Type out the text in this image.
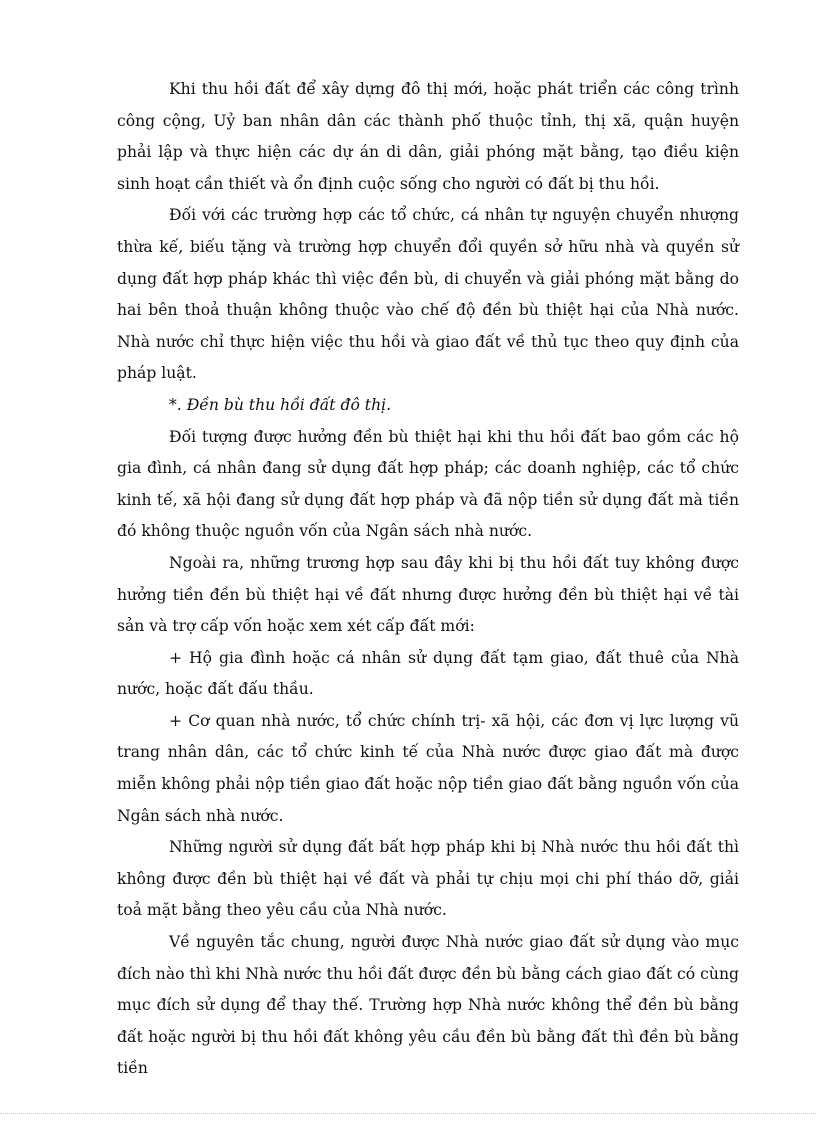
Khi thu hồi đất để xây dựng đô thị mới, hoặc phát triển các công trình công cộng, Uỷ ban nhân dân các thành phố thuộc tỉnh, thị xã, quận huyện phải lập và thực hiện các dự án di dân, giải phóng mặt bằng, tạo điều kiện sinh hoạt cần thiết và ổn định cuộc sống cho người có đất bị thu hồi.

Đối với các trường hợp các tổ chức, cá nhân tự nguyện chuyển nhượng thừa kế, biếu tặng và trường hợp chuyển đổi quyền sở hữu nhà và quyền sử dụng đất hợp pháp khác thì việc đền bù, di chuyển và giải phóng mặt bằng do hai bên thoả thuận không thuộc vào chế độ đền bù thiệt hại của Nhà nước. Nhà nước chỉ thực hiện việc thu hồi và giao đất về thủ tục theo quy định của pháp luật.

*. Đền bù thu hồi đất đô thị.

Đối tượng được hưởng đền bù thiệt hại khi thu hồi đất bao gồm các hộ gia đình, cá nhân đang sử dụng đất hợp pháp; các doanh nghiệp, các tổ chức kinh tế, xã hội đang sử dụng đất hợp pháp và đã nộp tiền sử dụng đất mà tiền đó không thuộc nguồn vốn của Ngân sách nhà nước.

Ngoài ra, những trương hợp sau đây khi bị thu hồi đất tuy không được hưởng tiền đền bù thiệt hại về đất nhưng được hưởng đền bù thiệt hại về tài sản và trợ cấp vốn hoặc xem xét cấp đất mới:

+ Hộ gia đình hoặc cá nhân sử dụng đất tạm giao, đất thuê của Nhà nước, hoặc đất đấu thầu.

+ Cơ quan nhà nước, tổ chức chính trị- xã hội, các đơn vị lực lượng vũ trang nhân dân, các tổ chức kinh tế của Nhà nước được giao đất mà được miễn không phải nộp tiền giao đất hoặc nộp tiền giao đất bằng nguồn vốn của Ngân sách nhà nước.

Những người sử dụng đất bất hợp pháp khi bị Nhà nước thu hồi đất thì không được đền bù thiệt hại về đất và phải tự chịu mọi chi phí tháo dỡ, giải toả mặt bằng theo yêu cầu của Nhà nước.

Về nguyên tắc chung, người được Nhà nước giao đất sử dụng vào mục đích nào thì khi Nhà nước thu hồi đất được đền bù bằng cách giao đất có cùng mục đích sử dụng để thay thế. Trường hợp Nhà nước không thể đền bù bằng đất hoặc người bị thu hồi đất không yêu cầu đền bù bằng đất thì đền bù bằng tiền
